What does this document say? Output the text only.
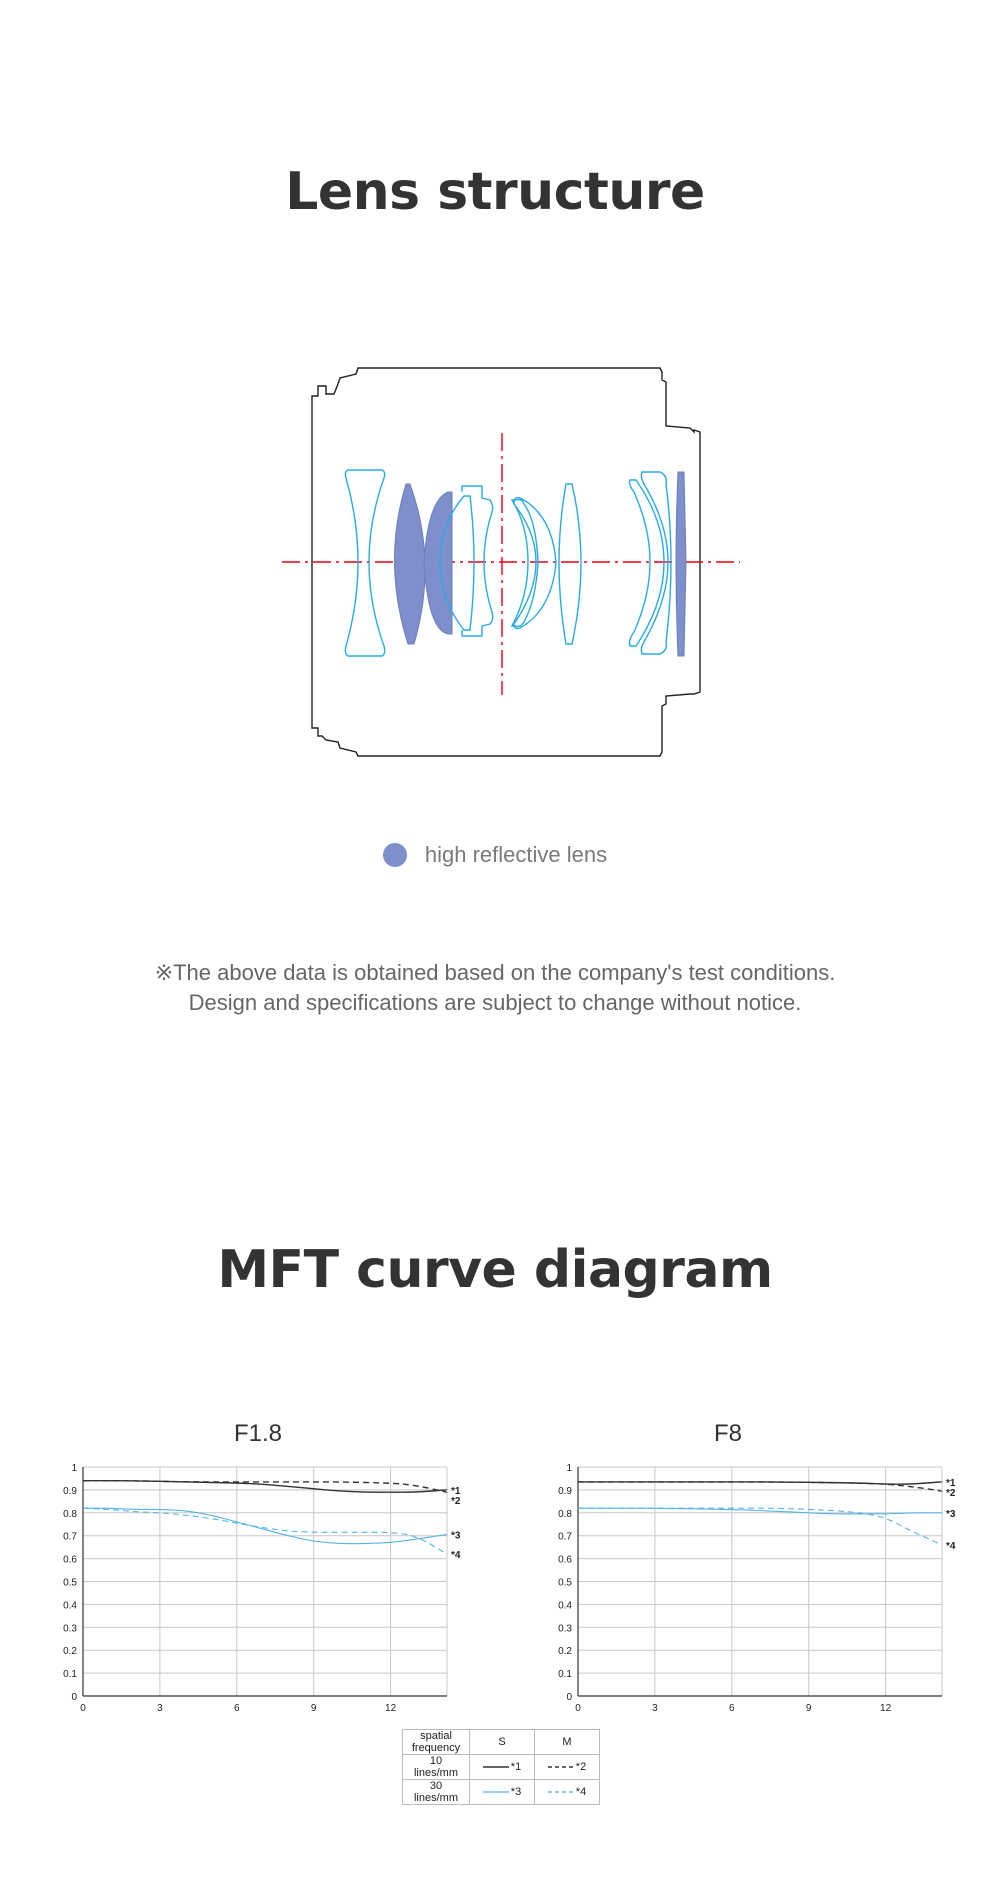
Lens structure
high reflective lens
※The above data is obtained based on the company's test conditions.
Design and specifications are subject to change without notice.
MFT curve diagram
F1.8	F8
0
0.1
0.2
0.3
0.4
0.5
0.6
0.7
0.8
0.9
1
0	3	6	9	12
*1
*2
*3
*4
0
0.1
0.2
0.3
0.4
0.5
0.6
0.7
0.8
0.9
1
0	3	6	9	12
*1
*2
*3
*4
spatial frequency	S	M
10 lines/mm	*1	*2

30 lines/mm	*3	*4
